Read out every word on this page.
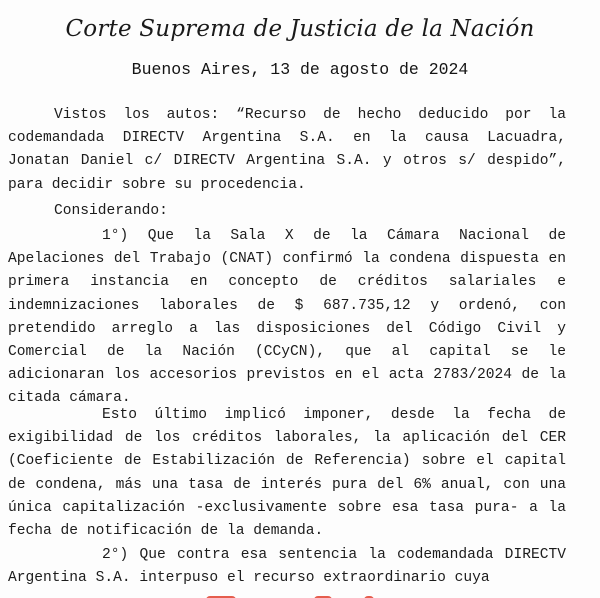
Corte Suprema de Justicia de la Nación
Buenos Aires, 13 de agosto de 2024
Vistos los autos: “Recurso de hecho deducido por la codemandada DIRECTV Argentina S.A. en la causa Lacuadra, Jonatan Daniel c/ DIRECTV Argentina S.A. y otros s/ despido”, para decidir sobre su procedencia.
Considerando:
1°) Que la Sala X de la Cámara Nacional de Apelaciones del Trabajo (CNAT) confirmó la condena dispuesta en primera instancia en concepto de créditos salariales e indemnizaciones laborales de $ 687.735,12 y ordenó, con pretendido arreglo a las disposiciones del Código Civil y Comercial de la Nación (CCyCN), que al capital se le adicionaran los accesorios previstos en el acta 2783/2024 de la citada cámara.
Esto último implicó imponer, desde la fecha de exigibilidad de los créditos laborales, la aplicación del CER (Coeficiente de Estabilización de Referencia) sobre el capital de condena, más una tasa de interés pura del 6% anual, con una única capitalización -exclusivamente sobre esa tasa pura- a la fecha de notificación de la demanda.
2°) Que contra esa sentencia la codemandada DIRECTV Argentina S.A. interpuso el recurso extraordinario cuya
